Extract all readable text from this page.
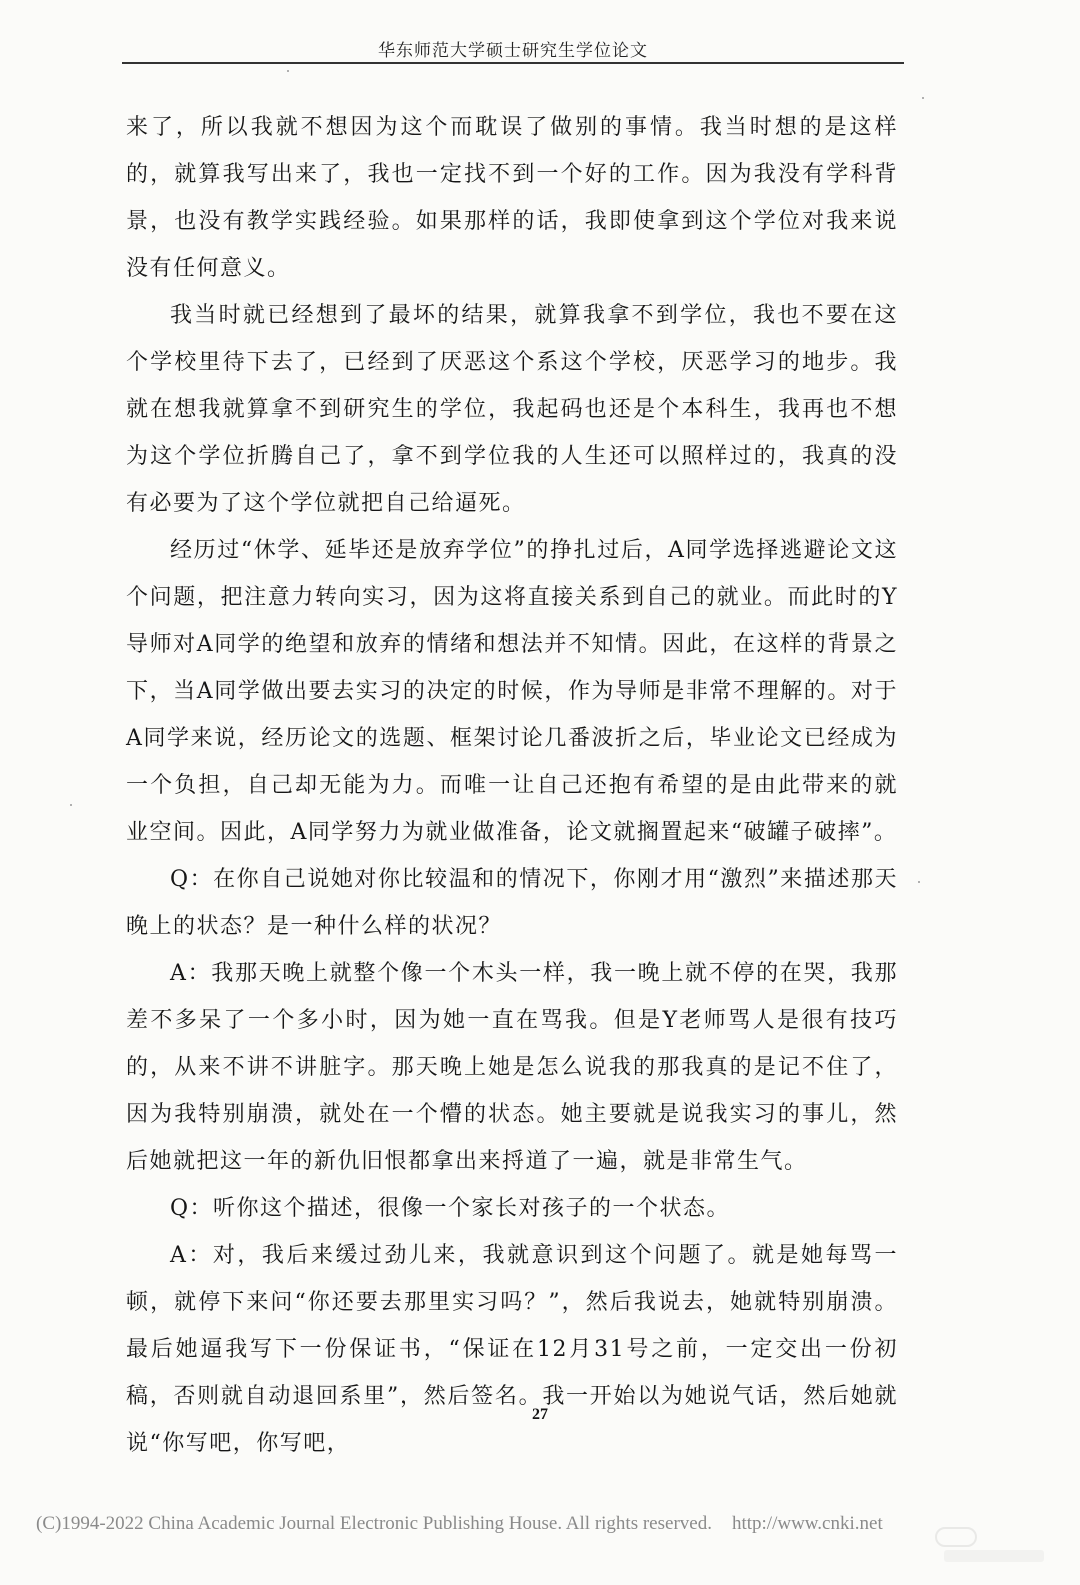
华东师范大学硕士研究生学位论文

来了，所以我就不想因为这个而耽误了做别的事情。我当时想的是这样的，就算我写出来了，我也一定找不到一个好的工作。因为我没有学科背景，也没有教学实践经验。如果那样的话，我即使拿到这个学位对我来说没有任何意义。

我当时就已经想到了最坏的结果，就算我拿不到学位，我也不要在这个学校里待下去了，已经到了厌恶这个系这个学校，厌恶学习的地步。我就在想我就算拿不到研究生的学位，我起码也还是个本科生，我再也不想为这个学位折腾自己了，拿不到学位我的人生还可以照样过的，我真的没有必要为了这个学位就把自己给逼死。

经历过“休学、延毕还是放弃学位”的挣扎过后，A同学选择逃避论文这个问题，把注意力转向实习，因为这将直接关系到自己的就业。而此时的Y导师对A同学的绝望和放弃的情绪和想法并不知情。因此，在这样的背景之下，当A同学做出要去实习的决定的时候，作为导师是非常不理解的。对于A同学来说，经历论文的选题、框架讨论几番波折之后，毕业论文已经成为一个负担，自己却无能为力。而唯一让自己还抱有希望的是由此带来的就业空间。因此，A同学努力为就业做准备，论文就搁置起来“破罐子破摔”。

Q：在你自己说她对你比较温和的情况下，你刚才用“激烈”来描述那天晚上的状态？是一种什么样的状况？

A：我那天晚上就整个像一个木头一样，我一晚上就不停的在哭，我那差不多呆了一个多小时，因为她一直在骂我。但是Y老师骂人是很有技巧的，从来不讲不讲脏字。那天晚上她是怎么说我的那我真的是记不住了，因为我特别崩溃，就处在一个懵的状态。她主要就是说我实习的事儿，然后她就把这一年的新仇旧恨都拿出来捋道了一遍，就是非常生气。

Q：听你这个描述，很像一个家长对孩子的一个状态。

A：对，我后来缓过劲儿来，我就意识到这个问题了。就是她每骂一顿，就停下来问“你还要去那里实习吗？”，然后我说去，她就特别崩溃。最后她逼我写下一份保证书，“保证在12月31号之前，一定交出一份初稿，否则就自动退回系里”，然后签名。我一开始以为她说气话，然后她就说“你写吧，你写吧，

27
(C)1994-2022 China Academic Journal Electronic Publishing House. All rights reserved. http://www.cnki.net
